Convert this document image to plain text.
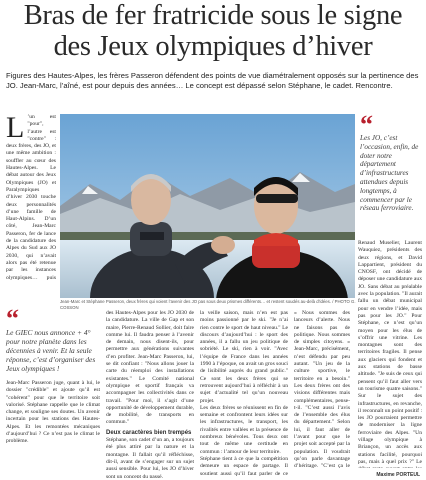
Bras de fer fratricide sous le signe
des Jeux olympiques d’hiver
Figures des Hautes-Alpes, les frères Passeron défendent des points de vue diamétralement opposés sur la pertinence des JO. Jean-Marc, l’aîné, est pour depuis des années… Le concept est dépassé selon Stéphane, le cadet. Rencontre.
L ’un est "pour", l’autre est "contre" : deux frères, des JO, et une même ambition : souffler au cœur des Hautes-Alpes. Le débat autour des Jeux Olympiques (JO) et Paralympiques d’hiver 2030 touche deux personnalités d’une famille de Haut-Alpins. D’un côté, Jean-Marc Passeron, fer de lance de la candidature des Alpes du Sud aux JO 2030, qui n’avait alors pas été retenue par les instances olympiques… puis
Jean-Marc et Stéphane Passeron, deux frères qui voient l’avenir des JO pas sous deux prismes différents… et restent soudés au-delà d’idées. / PHOTO G. COSSON
“
Le GIEC nous annonce + 4° pour notre planète dans les décennies à venir. Et la seule réponse, c’est d’organiser des Jeux olympiques !
Jean-Marc Passeron juge, quant à lui, le dossier "crédible" et ajoute qu’il est "cohérent" pour que le territoire soit valorisé. Stéphane rappelle que le climat change, et souligne ses doutes. Un avenir incertain pour les stations des Hautes-Alpes. Et les remontées mécaniques d’aujourd’hui ? Ce n’est pas le climat le problème.
des Hautes-Alpes pour les JO 2030 de la candidature. La ville de Gap et son maire, Pierre-Renaud Sollier, doit faire comme lui. Il faudra penser à l’avenir de demain, nous disent-ils, pour permettre aux générations suivantes d’en profiter. Jean-Marc Passeron, lui, se dit confiant : "Nous allons jouer la carte du réemploi des installations existantes." Le Comité national olympique et sportif français va accompagner les collectivités dans ce travail. "Pour moi, il s’agit d’une opportunité de développement durable, de mobilité, de transports en commun."
Deux caractères bien trempés
Stéphane, son cadet d’un an, a toujours été plus attiré par la nature et la montagne. Il fallait qu’il réfléchisse, dit-il, avant de s’engager sur un sujet aussi sensible. Pour lui, les JO d’hiver sont un concept du passé.
la veille saison, mais n’en est pas moins passionné par le ski. "Je n’ai rien contre le sport de haut niveau." Le discours d’aujourd’hui : le sport des années, il a fallu un jeu politique de sobriété. Le ski, rien à voir. "Avec l’équipe de France dans les années 1990 à l’époque, on avait un gros souci de lisibilité auprès du grand public." Ce sont les deux frères qui se retrouvent aujourd’hui à réfléchir à un sujet d’actualité tel qu’un nouveau projet.
Les deux frères se réunissent en fin de semaine et confrontent leurs idées sur les infrastructures, le transport, les rivalités entre vallées et la présence de nombreux bénévoles. Tous deux ont tout de même une certitude en commun : l’amour de leur territoire.
Stéphane tient à ce que la compétition demeure un espace de partage. Il soutient aussi qu’il faut parler de ce
« Nous sommes des lanceurs d’alerte. Nous ne faisons pas de politique. Nous sommes de simples citoyens. » Jean-Marc, précisément, n’est défendu par peu autant. "Un jeu de la culture sportive, le territoire en a besoin." Les deux frères ont des visions différentes mais complémentaires, pense-t-il. "C’est aussi l’avis de l’ensemble des élus du département." Selon lui, il faut aller de l’avant pour que le projet soit accepté par la population. Il voudrait qu’on parle davantage d’héritage. "C’est ça le
“
Les JO, c’est l’occasion, enfin, de doter notre département d’infrastructures attendues depuis longtemps, à commencer par le réseau ferroviaire.
Renaud Muselier, Laurent Wauquiez, présidents des deux régions, et David Lappartient, président du CNOSF, ont décidé de déposer une candidature aux JO. Sans débat au préalable avec la population. "Il aurait fallu un débat municipal pour en vendre l’idée, mais pas pour les JO." Pour Stéphane, ce n’est qu’un moyen pour les élus de s’offrir une vitrine. Les montagnes sont des territoires fragiles. Il pense aux glaciers qui fondent et aux stations de basse altitude. "Je suis de ceux qui pensent qu’il faut aller vers un tourisme quatre saisons." Sur le sujet des infrastructures, en revanche, il reconnaît un point positif : les JO pourraient permettre de moderniser la ligne ferroviaire des Alpes. "Un village olympique à Briançon, un accès aux stations facilité, pourquoi pas, mais à quel prix ?" Le
Maxime PORTEUL
